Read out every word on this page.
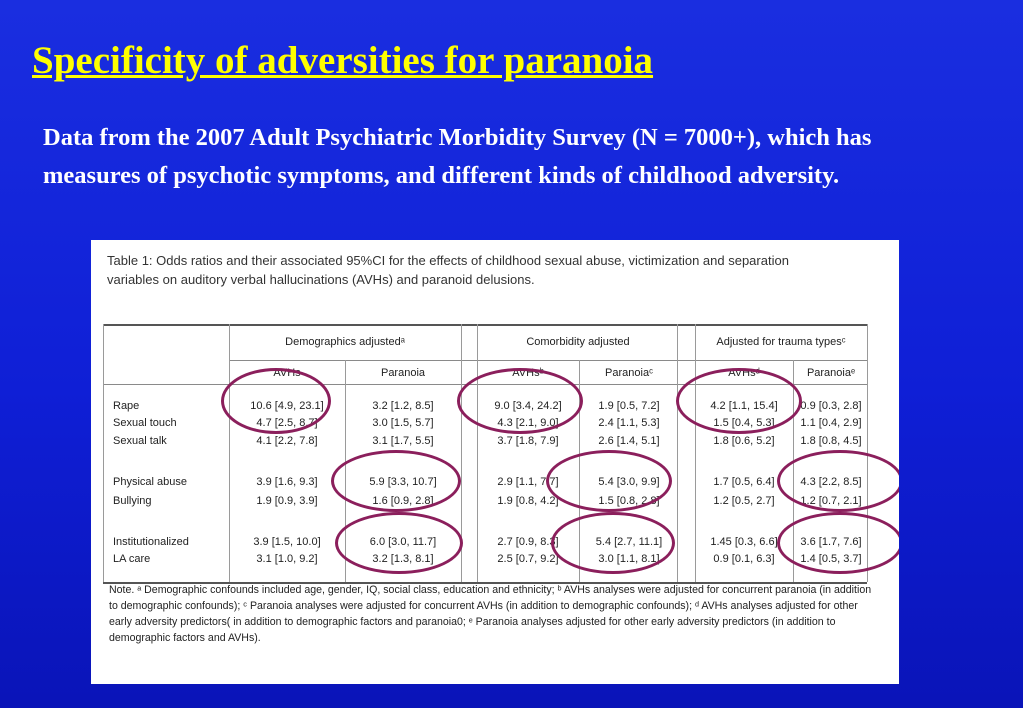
Specificity of adversities for paranoia

Data from the 2007 Adult Psychiatric Morbidity Survey (N = 7000+), which has measures of psychotic symptoms, and different kinds of childhood adversity.

Table 1: Odds ratios and their associated 95%CI for the effects of childhood sexual abuse, victimization and separation variables on auditory verbal hallucinations (AVHs) and paranoid delusions.

Note. ᵃ Demographic confounds included age, gender, IQ, social class, education and ethnicity; ᵇ AVHs analyses were adjusted for concurrent paranoia (in addition to demographic confounds); ᶜ Paranoia analyses were adjusted for concurrent AVHs (in addition to demographic confounds); ᵈ AVHs analyses adjusted for other early adversity predictors( in addition to demographic factors and paranoia0; ᵉ Paranoia analyses adjusted for other early adversity predictors (in addition to demographic factors and AVHs).

Demographics adjustedᵃ	Comorbidity adjusted	Adjusted for trauma typesᶜ
AVHs	Paranoia	AVHsᵇ	Paranoiaᶜ	AVHsᵈ	Paranoiaᵉ
Rape	10.6 [4.9, 23.1]	3.2 [1.2, 8.5]	9.0 [3.4, 24.2]	1.9 [0.5, 7.2]	4.2 [1.1, 15.4] 0.9 [0.3, 2.8]
Sexual touch	4.7 [2.5, 8.7]	3.0 [1.5, 5.7]	4.3 [2.1, 9.0]	2.4 [1.1, 5.3]	1.5 [0.4, 5.3] 1.1 [0.4, 2.9]
Sexual talk	4.1 [2.2, 7.8]	3.1 [1.7, 5.5]	3.7 [1.8, 7.9]	2.6 [1.4, 5.1]	1.8 [0.6, 5.2] 1.8 [0.8, 4.5]
Physical abuse	3.9 [1.6, 9.3]	5.9 [3.3, 10.7]	2.9 [1.1, 7.7]	5.4 [3.0, 9.9]	1.7 [0.5, 6.4] 4.3 [2.2, 8.5]
Bullying	1.9 [0.9, 3.9]	1.6 [0.9, 2.8]	1.9 [0.8, 4.2]	1.5 [0.8, 2.8]	1.2 [0.5, 2.7] 1.2 [0.7, 2.1]
Institutionalized	3.9 [1.5, 10.0]	6.0 [3.0, 11.7]	2.7 [0.9, 8.3]	5.4 [2.7, 11.1]	1.45 [0.3, 6.6] 3.6 [1.7, 7.6]
LA care	3.1 [1.0, 9.2]	3.2 [1.3, 8.1]	2.5 [0.7, 9.2]	3.0 [1.1, 8.1]	0.9 [0.1, 6.3] 1.4 [0.5, 3.7]
